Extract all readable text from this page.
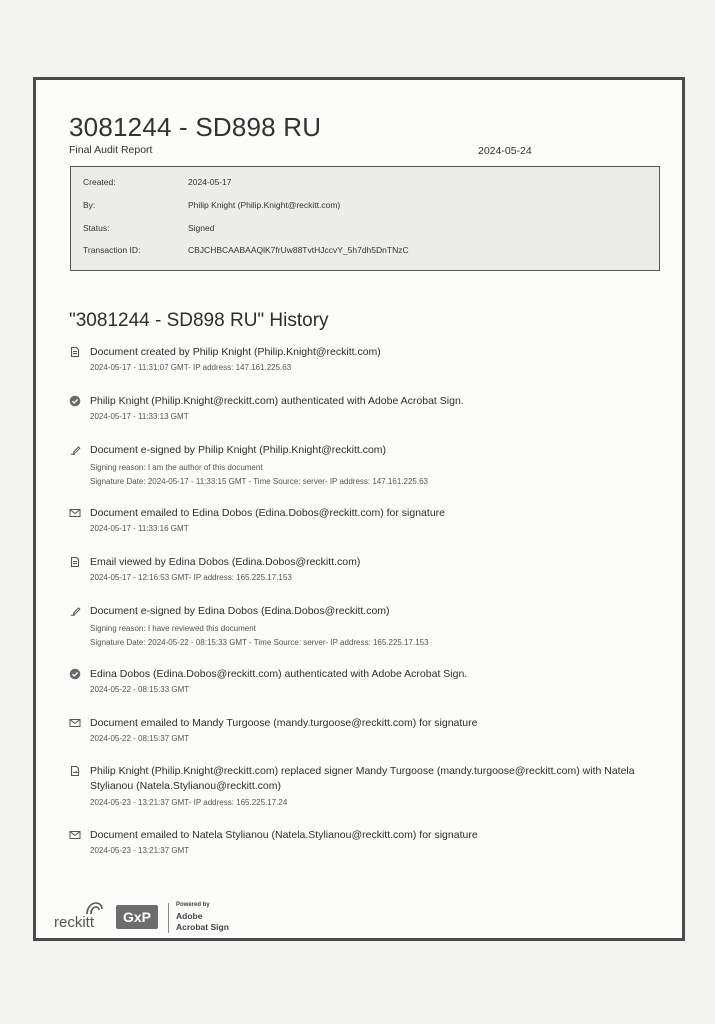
3081244 - SD898 RU
Final Audit Report	2024-05-24
Created:	2024-05-17
By:	Philip Knight (Philip.Knight@reckitt.com)
Status:	Signed
Transaction ID:	CBJCHBCAABAAQlK7frUw88TvtHJccvY_5h7dh5DnTNzC
"3081244 - SD898 RU" History
Document created by Philip Knight (Philip.Knight@reckitt.com)
2024-05-17 - 11:31:07 GMT- IP address: 147.161.225.63
Philip Knight (Philip.Knight@reckitt.com) authenticated with Adobe Acrobat Sign.
2024-05-17 - 11:33:13 GMT
Document e-signed by Philip Knight (Philip.Knight@reckitt.com)
Signing reason: I am the author of this document
Signature Date: 2024-05-17 - 11:33:15 GMT - Time Source: server- IP address: 147.161.225.63
Document emailed to Edina Dobos (Edina.Dobos@reckitt.com) for signature
2024-05-17 - 11:33:16 GMT
Email viewed by Edina Dobos (Edina.Dobos@reckitt.com)
2024-05-17 - 12:16:53 GMT- IP address: 165.225.17.153
Document e-signed by Edina Dobos (Edina.Dobos@reckitt.com)
Signing reason: I have reviewed this document
Signature Date: 2024-05-22 - 08:15:33 GMT - Time Source: server- IP address: 165.225.17.153
Edina Dobos (Edina.Dobos@reckitt.com) authenticated with Adobe Acrobat Sign.
2024-05-22 - 08:15:33 GMT
Document emailed to Mandy Turgoose (mandy.turgoose@reckitt.com) for signature
2024-05-22 - 08:15:37 GMT
Philip Knight (Philip.Knight@reckitt.com) replaced signer Mandy Turgoose (mandy.turgoose@reckitt.com) with Natela Stylianou (Natela.Stylianou@reckitt.com)
2024-05-23 - 13:21:37 GMT- IP address: 165.225.17.24
Document emailed to Natela Stylianou (Natela.Stylianou@reckitt.com) for signature
2024-05-23 - 13:21:37 GMT
reckitt	GxP
Powered by
Adobe
Acrobat Sign
